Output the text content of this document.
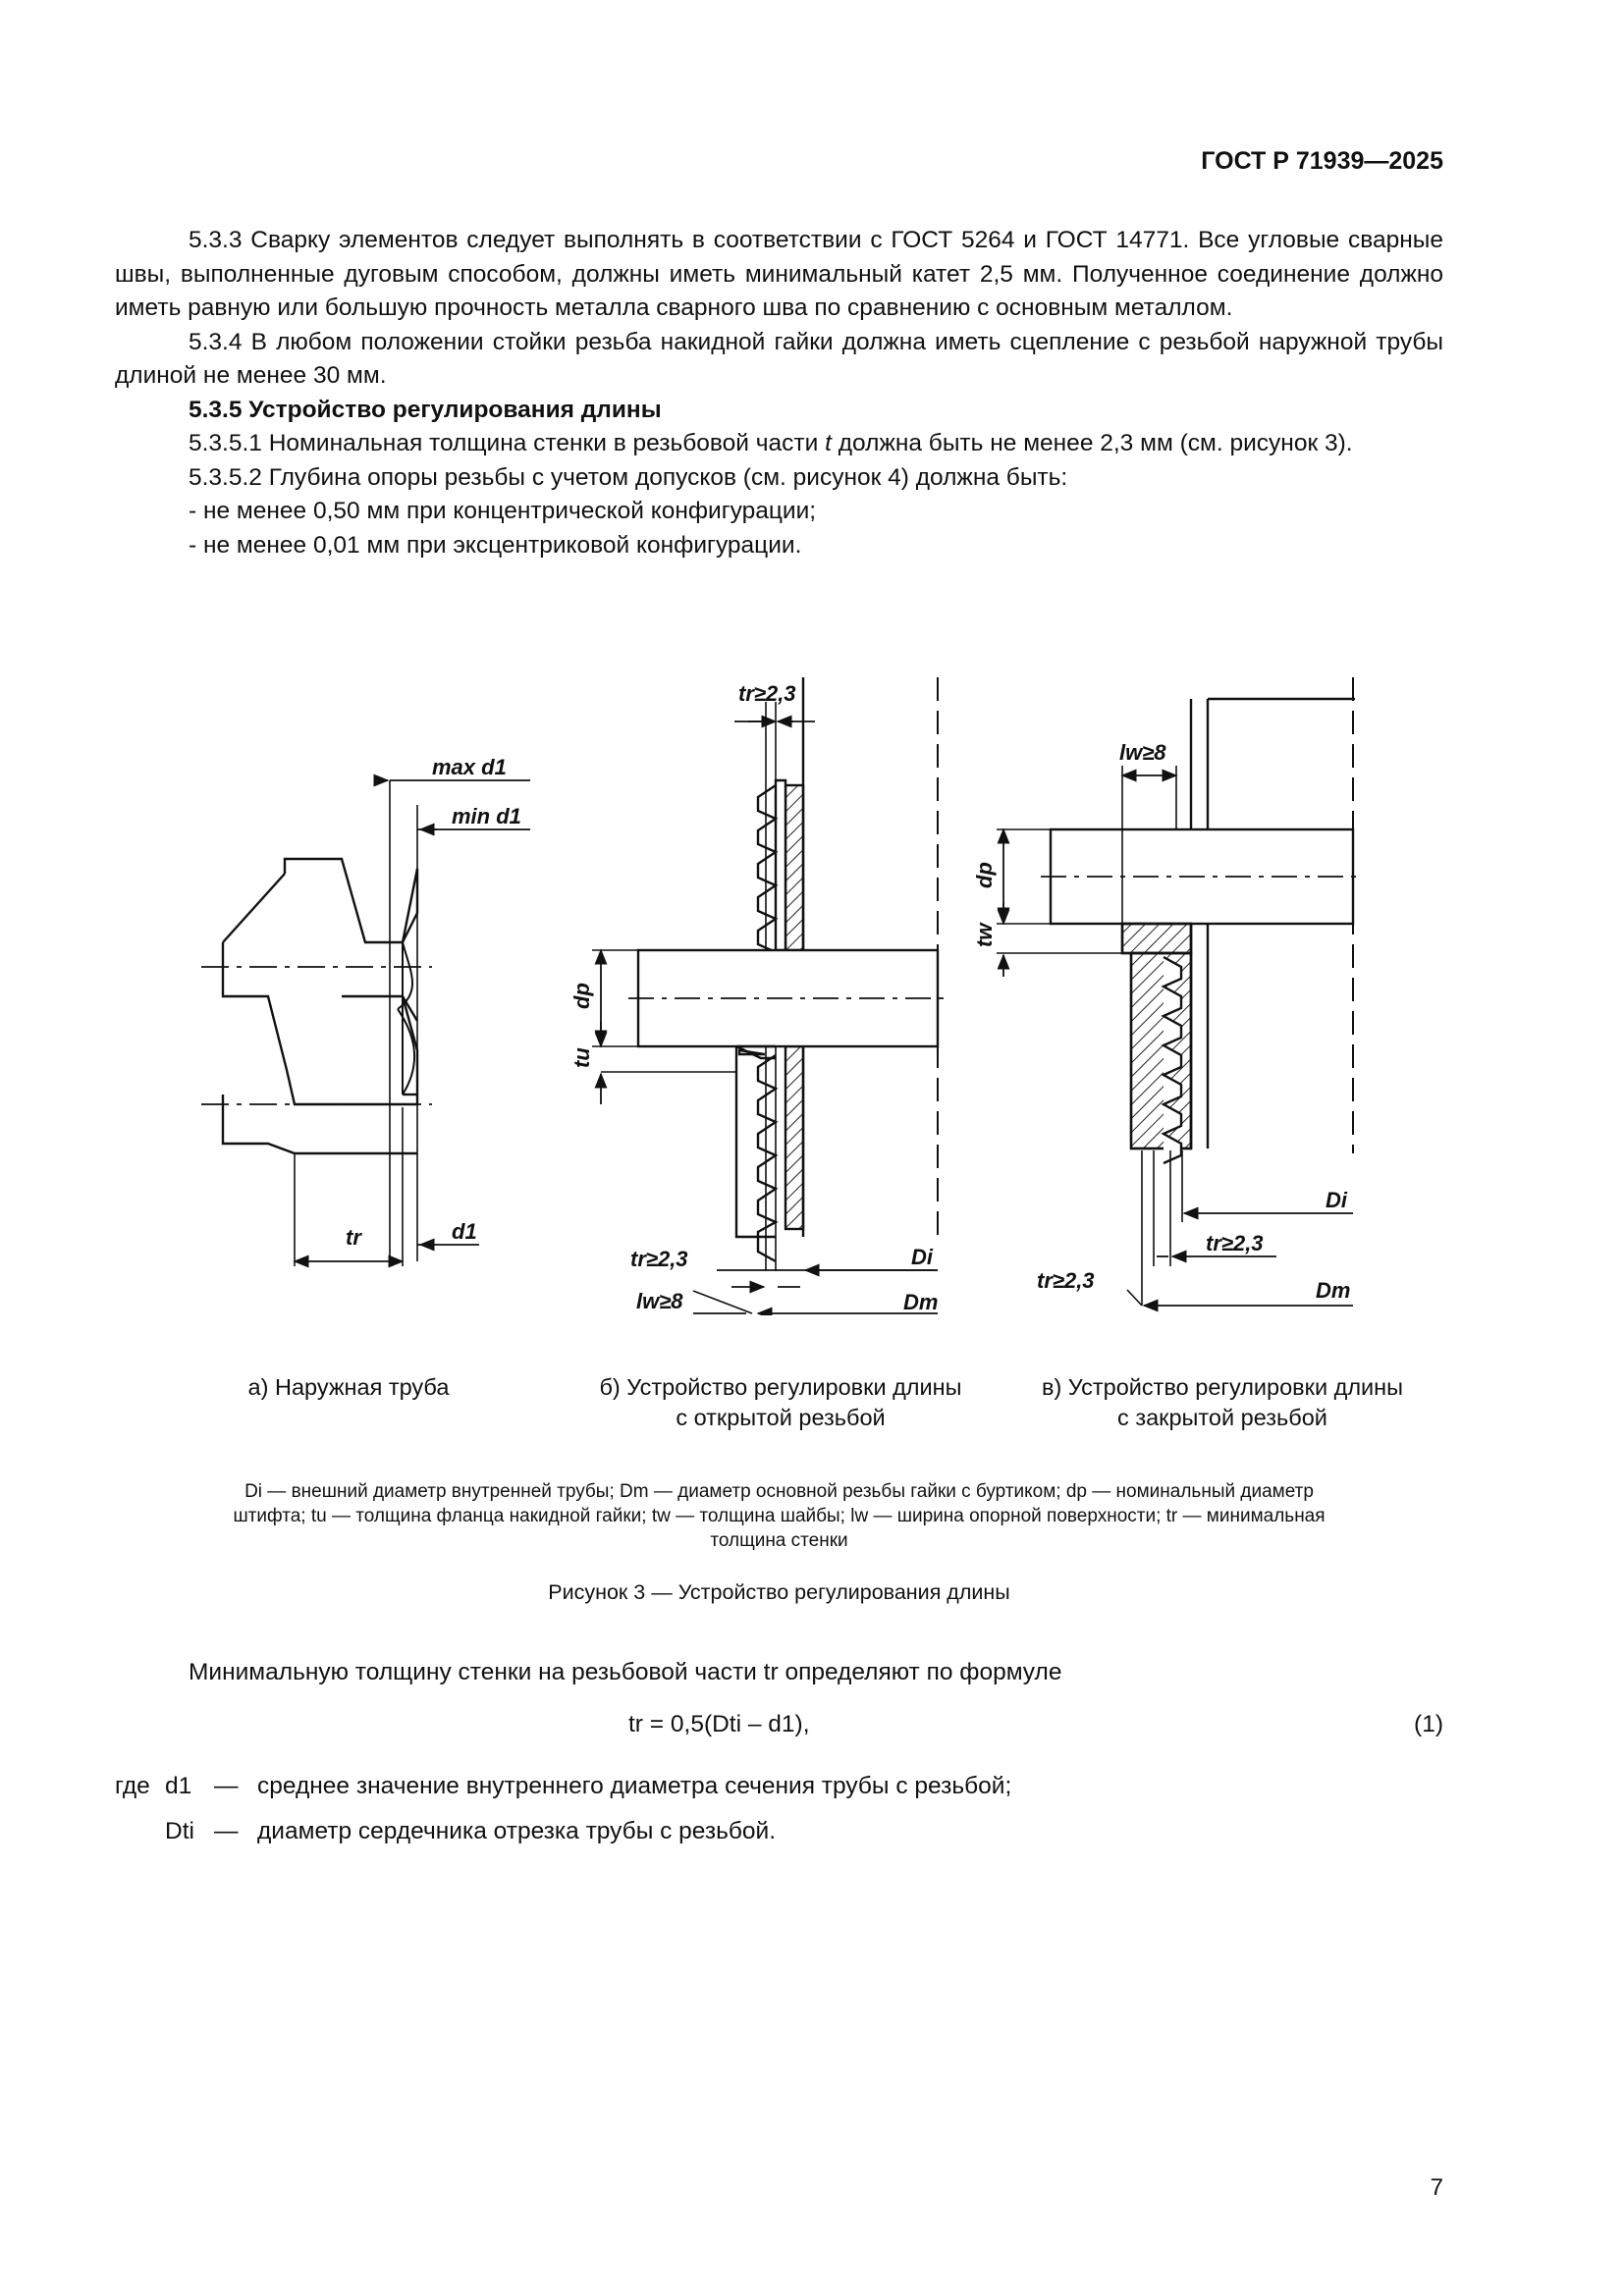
ГОСТ Р 71939—2025

5.3.3 Сварку элементов следует выполнять в соответствии с ГОСТ 5264 и ГОСТ 14771. Все угловые сварные швы, выполненные дуговым способом, должны иметь минимальный катет 2,5 мм. Полученное соединение должно иметь равную или большую прочность металла сварного шва по сравнению с основным металлом.

5.3.4 В любом положении стойки резьба накидной гайки должна иметь сцепление с резьбой наружной трубы длиной не менее 30 мм.

5.3.5 Устройство регулирования длины

5.3.5.1 Номинальная толщина стенки в резьбовой части t должна быть не менее 2,3 мм (см. рисунок 3).

5.3.5.2 Глубина опоры резьбы с учетом допусков (см. рисунок 4) должна быть:

- не менее 0,50 мм при концентрической конфигурации;

- не менее 0,01 мм при эксцентриковой конфигурации.

max d1
min d1
tr	d1
tr≥2,3
dp
tu
tr≥2,3
lw≥8
Di
Dm
lw≥8
dp
tw
Di
tr≥2,3
tr≥2,3	Dm
а) Наружная труба	б) Устройство регулировки длины
с открытой резьбой
в) Устройство регулировки длины
с закрытой резьбой
Di — внешний диаметр внутренней трубы; Dm — диаметр основной резьбы гайки с буртиком; dp — номинальный диаметр
штифта; tu — толщина фланца накидной гайки; tw — толщина шайбы; lw — ширина опорной поверхности; tr — минимальная
толщина стенки
Рисунок 3 — Устройство регулирования длины
Минимальную толщину стенки на резьбовой части tr определяют по формуле
tr = 0,5(Dti – d1),	(1)
где d1 — среднее значение внутреннего диаметра сечения трубы с резьбой;
Dti — диаметр сердечника отрезка трубы с резьбой.
7
